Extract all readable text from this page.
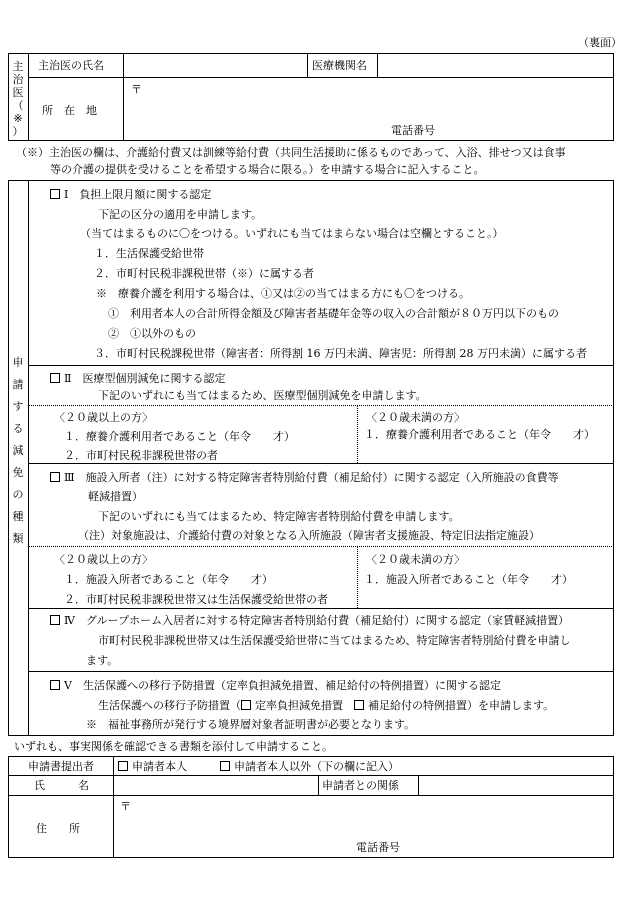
（裏面）
主
治
医
（
※
）
主治医の氏名	医療機関名
所　在　地
〒
電話番号
（※）主治医の欄は、介護給付費又は訓練等給付費（共同生活援助に係るものであって、入浴、排せつ又は食事
等の介護の提供を受けることを希望する場合に限る。）を申請する場合に記入すること。
申
請
す
る
減
免
の
種
類
Ⅰ　負担上限月額に関する認定
下記の区分の適用を申請します。
（当てはまるものに〇をつける。いずれにも当てはまらない場合は空欄とすること。）
１．生活保護受給世帯
２．市町村民税非課税世帯（※）に属する者
※　療養介護を利用する場合は、①又は②の当てはまる方にも〇をつける。
①　利用者本人の合計所得金額及び障害者基礎年金等の収入の合計額が８０万円以下のもの
②　①以外のもの
３．市町村民税課税世帯（障害者：所得割 16 万円未満、障害児：所得割 28 万円未満）に属する者
Ⅱ　医療型個別減免に関する認定
下記のいずれにも当てはまるため、医療型個別減免を申請します。
〈２０歳以上の方〉
１．療養介護利用者であること（年令　　才）
２．市町村民税非課税世帯の者
〈２０歳未満の方〉
１．療養介護利用者であること（年令　　才）
Ⅲ　施設入所者（注）に対する特定障害者特別給付費（補足給付）に関する認定（入所施設の食費等
軽減措置）
下記のいずれにも当てはまるため、特定障害者特別給付費を申請します。
（注）対象施設は、介護給付費の対象となる入所施設（障害者支援施設、特定旧法指定施設）
〈２０歳以上の方〉
１．施設入所者であること（年令　　才）
２．市町村民税非課税世帯又は生活保護受給世帯の者
〈２０歳未満の方〉
１．施設入所者であること（年令　　才）
Ⅳ　グループホーム入居者に対する特定障害者特別給付費（補足給付）に関する認定（家賃軽減措置）
市町村民税非課税世帯又は生活保護受給世帯に当てはまるため、特定障害者特別給付費を申請し
ます。
Ⅴ　生活保護への移行予防措置（定率負担減免措置、補足給付の特例措置）に関する認定
生活保護への移行予防措置（ 定率負担減免措置　 補足給付の特例措置）を申請します。
※　福祉事務所が発行する境界層対象者証明書が必要となります。
いずれも、事実関係を確認できる書類を添付して申請すること。
申請書提出者	申請者本人	申請者本人以外（下の欄に記入）
氏　　　名	申請者との関係
住　　所
〒
電話番号
